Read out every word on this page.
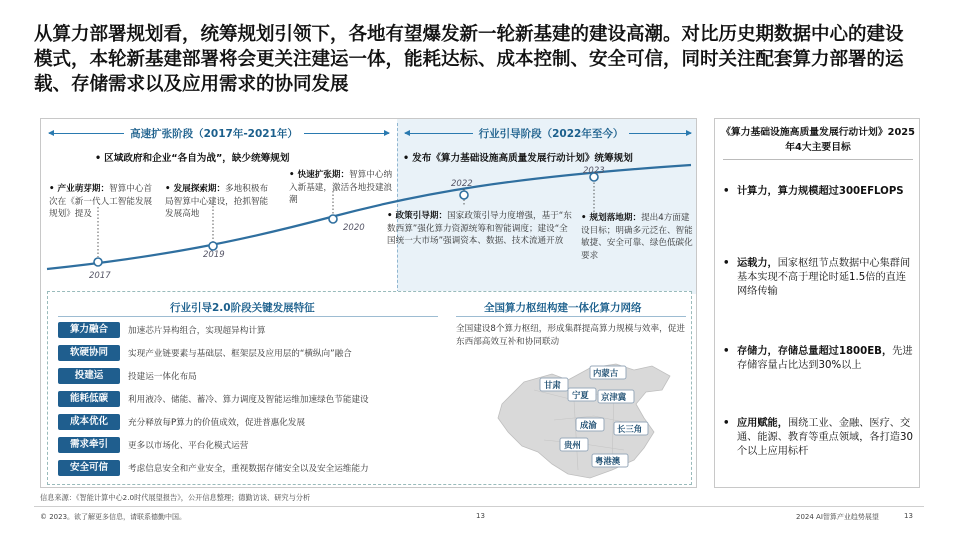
从算力部署规划看，统筹规划引领下，各地有望爆发新一轮新基建的建设高潮。对比历史期数据中心的建设模式，本轮新基建部署将会更关注建运一体，能耗达标、成本控制、安全可信，同时关注配套算力部署的运载、存储需求以及应用需求的协同发展
高速扩张阶段（2017年-2021年）	行业引导阶段（2022年至今）
2017
2019
2020
2022
2023
• 区域政府和企业“各自为战”，缺少统筹规划
• 产业萌芽期：智算中心首次在《新一代人工智能发展规划》提及
• 发展探索期：多地积极布局智算中心建设，抢抓智能发展高地
• 快速扩张期：智算中心纳入新基建，激活各地投建浪潮
• 发布《算力基础设施高质量发展行动计划》统筹规划
• 政策引导期：国家政策引导力度增强，基于“东数西算”强化算力资源统筹和智能调度；建设“全国统一大市场”强调资本、数据、技术流通开放
• 规划落地期：提出4方面建设目标；明确多元泛在、智能敏捷、安全可靠、绿色低碳化要求
行业引导2.0阶段关键发展特征
算力融合	加速芯片异构组合，实现超异构计算
软硬协同	实现产业链要素与基础层、框架层及应用层的“横纵向”融合
投建运	投建运一体化布局
能耗低碳	利用液冷、储能、蓄冷、算力调度及智能运维加速绿色节能建设
成本优化	充分释放每P算力的价值成效，促进普惠化发展
需求牵引	更多以市场化、平台化模式运营
安全可信	考虑信息安全和产业安全，重视数据存储安全以及安全运维能力
全国算力枢纽构建一体化算力网络
全国建设8个算力枢纽，形成集群提高算力规模与效率，促进东西部高效互补和协同联动
甘肃
内蒙古
宁夏 京津冀
成渝 长三角
贵州
粤港澳
《算力基础设施高质量发展行动计划》2025年4大主要目标
• 计算力，算力规模超过300EFLOPS
• 运载力，国家枢纽节点数据中心集群间基本实现不高于理论时延1.5倍的直连网络传输
• 存储力，存储总量超过1800EB，先进存储容量占比达到30%以上
• 应用赋能，围绕工业、金融、医疗、交通、能源、教育等重点领域，各打造30个以上应用标杆
信息来源：《智能计算中心2.0时代展望报告》，公开信息整理；德勤访谈、研究与分析
© 2023。欲了解更多信息，请联系德勤中国。	13	2024 AI智算产业趋势展望	13
